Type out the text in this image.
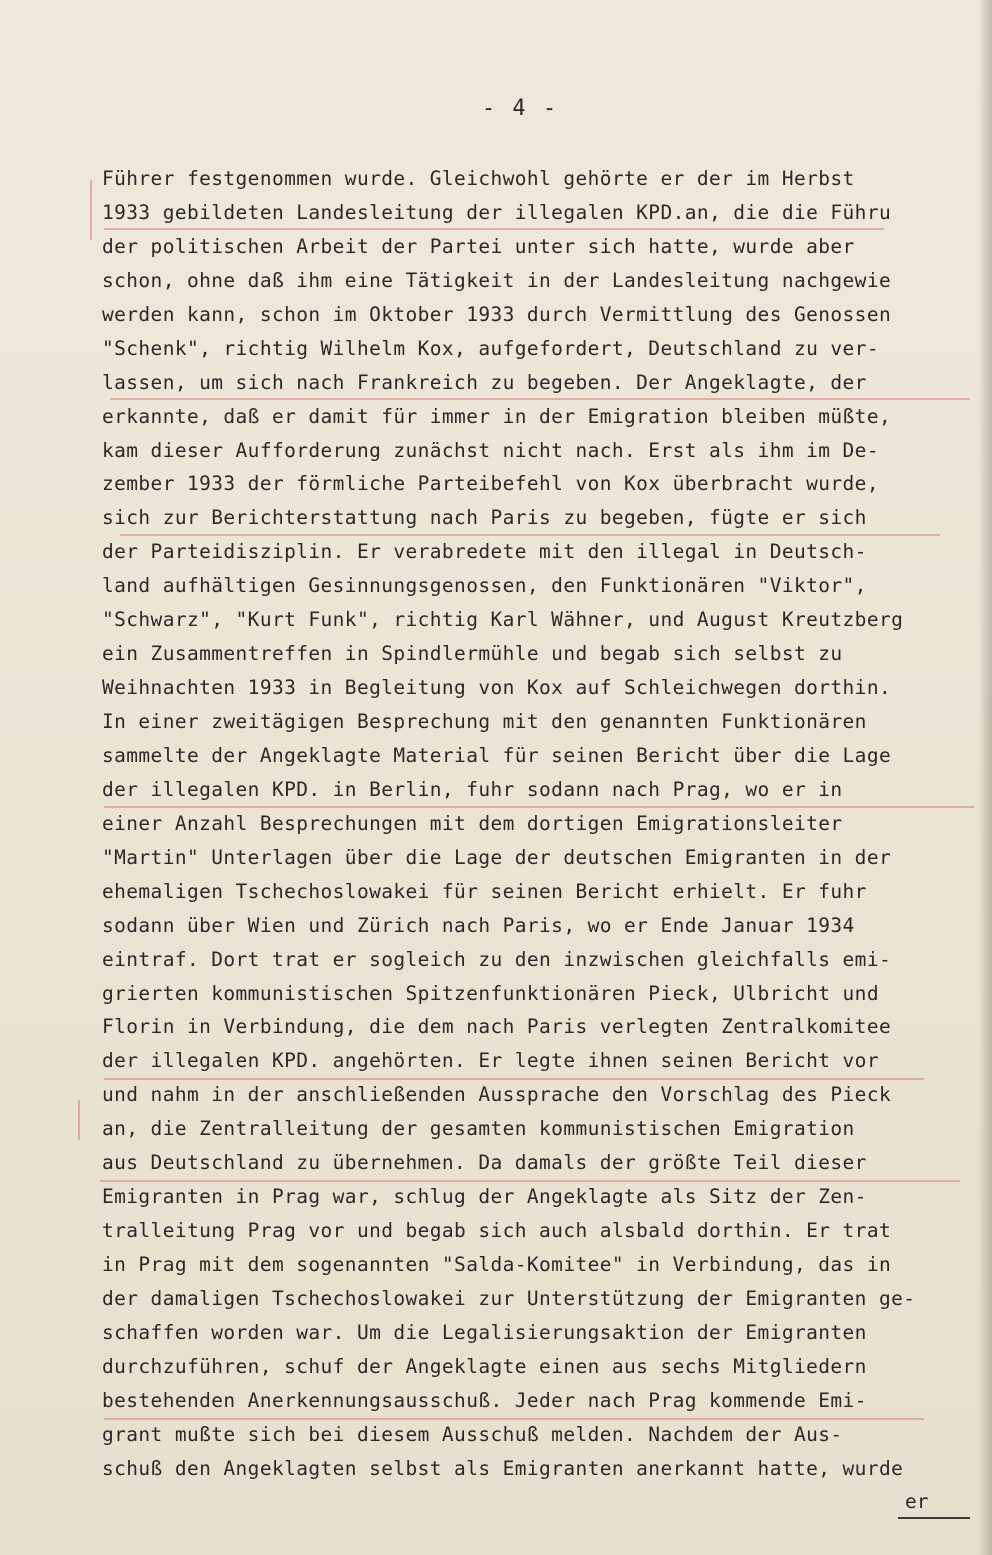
- 4 -
Führer festgenommen wurde. Gleichwohl gehörte er der im Herbst
1933 gebildeten Landesleitung der illegalen KPD.an, die die Führu
der politischen Arbeit der Partei unter sich hatte, wurde aber
schon, ohne daß ihm eine Tätigkeit in der Landesleitung nachgewie
werden kann, schon im Oktober 1933 durch Vermittlung des Genossen
"Schenk", richtig Wilhelm Kox, aufgefordert, Deutschland zu ver-
lassen, um sich nach Frankreich zu begeben. Der Angeklagte, der
erkannte, daß er damit für immer in der Emigration bleiben müßte,
kam dieser Aufforderung zunächst nicht nach. Erst als ihm im De-
zember 1933 der förmliche Parteibefehl von Kox überbracht wurde,
sich zur Berichterstattung nach Paris zu begeben, fügte er sich
der Parteidisziplin. Er verabredete mit den illegal in Deutsch-
land aufhältigen Gesinnungsgenossen, den Funktionären "Viktor",
"Schwarz", "Kurt Funk", richtig Karl Wähner, und August Kreutzberg
ein Zusammentreffen in Spindlermühle und begab sich selbst zu
Weihnachten 1933 in Begleitung von Kox auf Schleichwegen dorthin.
In einer zweitägigen Besprechung mit den genannten Funktionären
sammelte der Angeklagte Material für seinen Bericht über die Lage
der illegalen KPD. in Berlin, fuhr sodann nach Prag, wo er in
einer Anzahl Besprechungen mit dem dortigen Emigrationsleiter
"Martin" Unterlagen über die Lage der deutschen Emigranten in der
ehemaligen Tschechoslowakei für seinen Bericht erhielt. Er fuhr
sodann über Wien und Zürich nach Paris, wo er Ende Januar 1934
eintraf. Dort trat er sogleich zu den inzwischen gleichfalls emi-
grierten kommunistischen Spitzenfunktionären Pieck, Ulbricht und
Florin in Verbindung, die dem nach Paris verlegten Zentralkomitee
der illegalen KPD. angehörten. Er legte ihnen seinen Bericht vor
und nahm in der anschließenden Aussprache den Vorschlag des Pieck
an, die Zentralleitung der gesamten kommunistischen Emigration
aus Deutschland zu übernehmen. Da damals der größte Teil dieser
Emigranten in Prag war, schlug der Angeklagte als Sitz der Zen-
tralleitung Prag vor und begab sich auch alsbald dorthin. Er trat
in Prag mit dem sogenannten "Salda-Komitee" in Verbindung, das in
der damaligen Tschechoslowakei zur Unterstützung der Emigranten ge-
schaffen worden war. Um die Legalisierungsaktion der Emigranten
durchzuführen, schuf der Angeklagte einen aus sechs Mitgliedern
bestehenden Anerkennungsausschuß. Jeder nach Prag kommende Emi-
grant mußte sich bei diesem Ausschuß melden. Nachdem der Aus-
schuß den Angeklagten selbst als Emigranten anerkannt hatte, wurde
er
